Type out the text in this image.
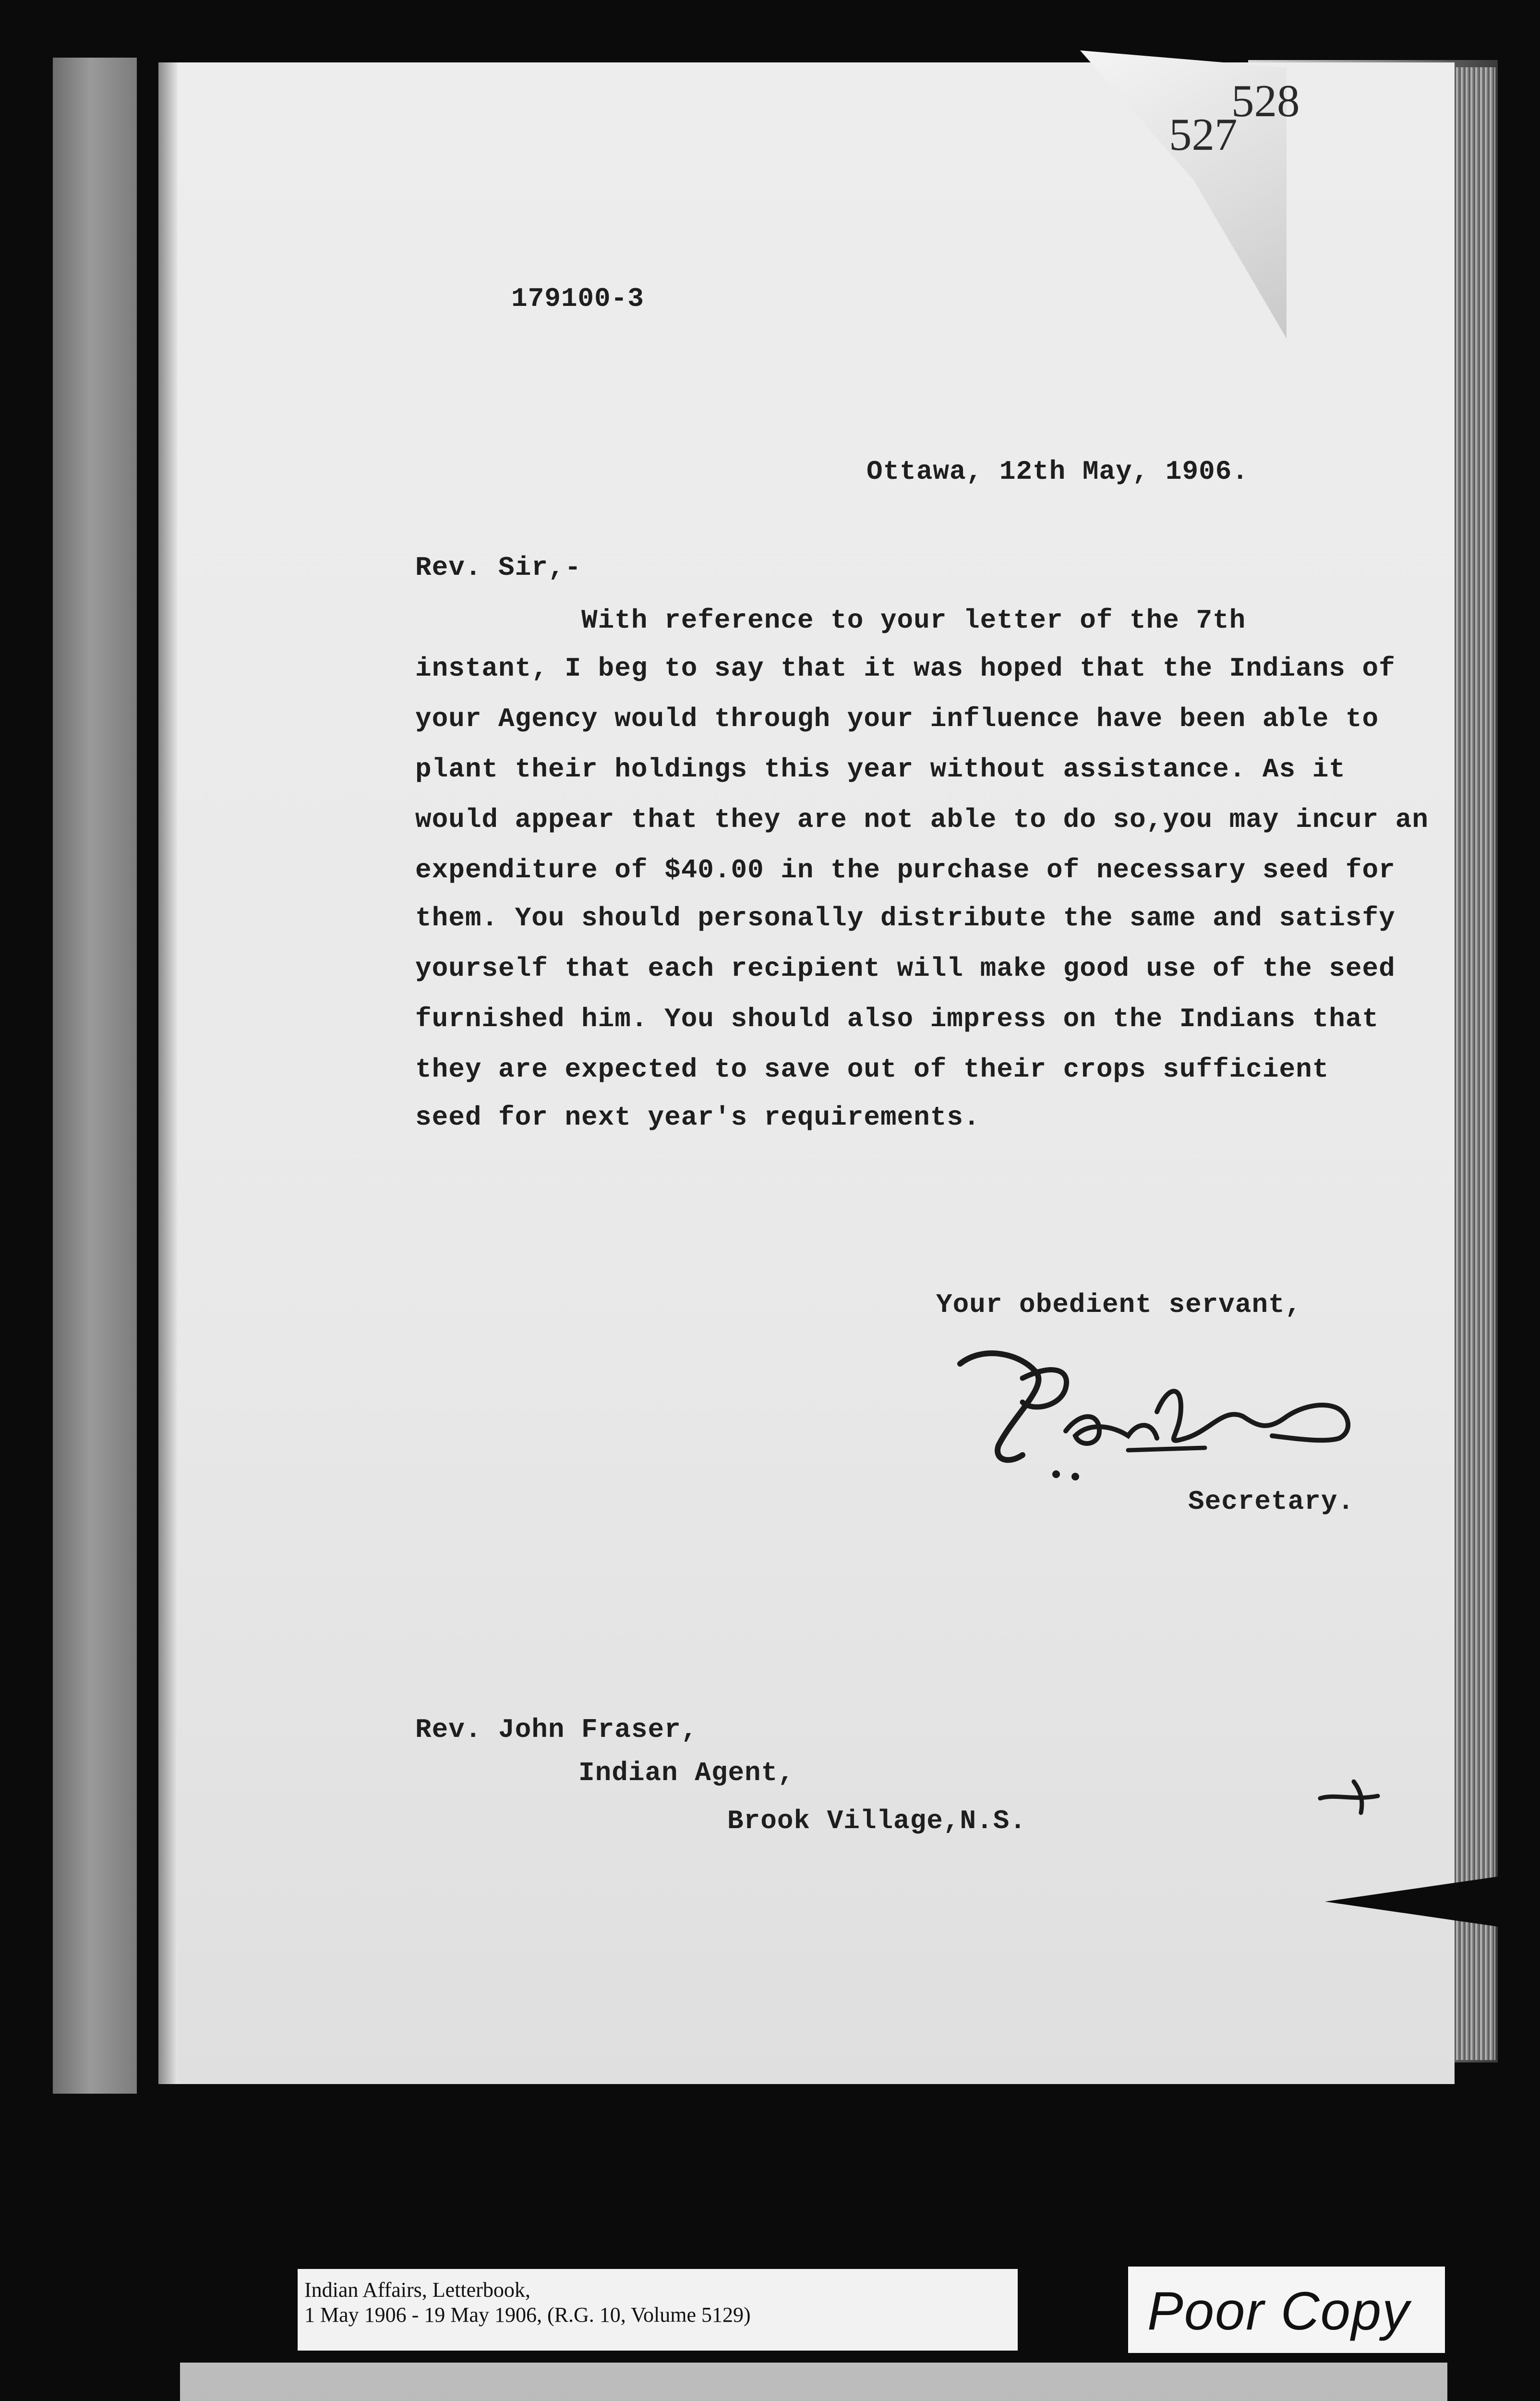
528
527
179100-3
Ottawa, 12th May, 1906.
Rev. Sir,-
With reference to your letter of the 7th
instant, I beg to say that it was hoped that the Indians of
your Agency would through your influence have been able to
plant their holdings this year without assistance. As it
would appear that they are not able to do so,you may incur an
expenditure of $40.00 in the purchase of necessary seed for
them. You should personally distribute the same and satisfy
yourself that each recipient will make good use of the seed
furnished him. You should also impress on the Indians that
they are expected to save out of their crops sufficient
seed for next year's requirements.
Your obedient servant,
Secretary.
Rev. John Fraser,
Indian Agent,
Brook Village,N.S.
Indian Affairs, Letterbook,
1 May 1906 - 19 May 1906, (R.G. 10, Volume 5129)	Poor Copy
